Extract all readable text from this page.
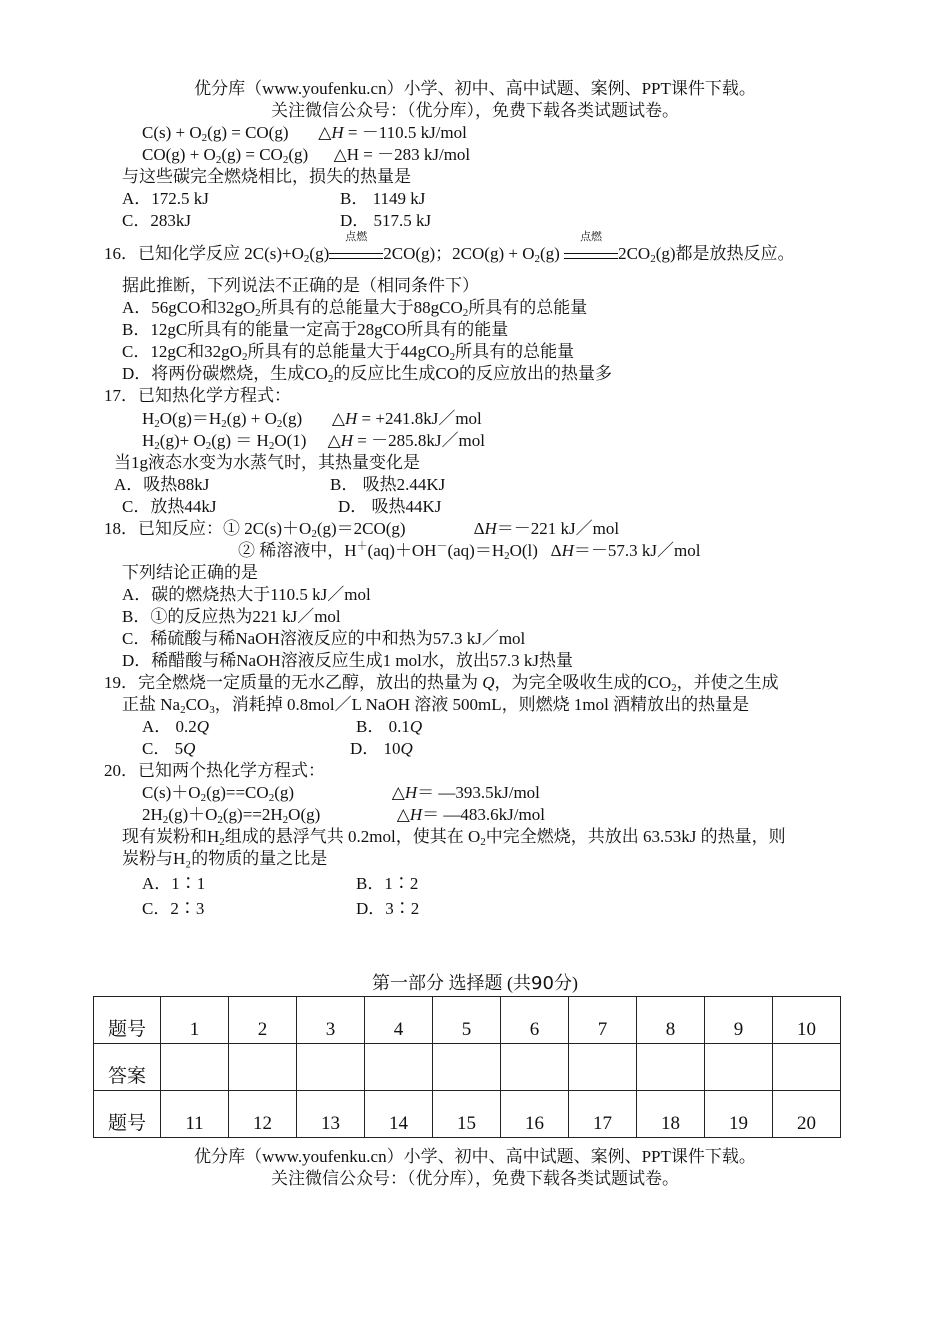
优分库（www.youfenku.cn）小学、初中、高中试题、案例、PPT课件下载。
关注微信公众号：（优分库），免费下载各类试题试卷。
$C(s) + O_2(g) = CO(g)$       △H = －110.5 kJ/mol
$CO(g) + O_2(g) = CO_2(g)$      △H = －283 kJ/mol
与这些碳完全燃烧相比，损失的热量是
A．172.5 kJ	B． 1149 kJ
C．283kJ	D． 517.5 kJ
16．已知化学反应 $2C(s)+O_2(g)$
点燃
2CO(g)；$2CO(g) + O_2(g)$
点燃
$2CO_2(g)$都是放热反应。
据此推断，下列说法不正确的是（相同条件下）
A．56gCO和$32gO_2$所具有的总能量大于88gCO$_2$所具有的总能量
B．12gC所具有的能量一定高于28gCO所具有的能量
C．12gC和$32gO_2$所具有的总能量大于44gCO$_2$所具有的总能量
D．将两份碳燃烧，生成$CO_2$的反应比生成CO的反应放出的热量多
17．已知热化学方程式：
$H_2O(g)=H_2(g) + O_2(g)$       △H = +241.8kJ／mol
$H_2(g)+ O_2(g) = H_2O(1)$     △H = －285.8kJ／mol
当1g液态水变为水蒸气时，其热量变化是
A．吸热88kJ	B． 吸热2.44KJ
C．放热44kJ	D． 吸热44KJ
18．已知反应：① $2C(s)+O_2(g)=2CO(g)$                ΔH＝－221 kJ／mol
② 稀溶液中，$H^+(aq)+OH^-(aq)=H_2O(l)$   ΔH＝－57.3 kJ／mol
下列结论正确的是
A．碳的燃烧热大于110.5 kJ／mol
B．①的反应热为221 kJ／mol
C．稀硫酸与稀NaOH溶液反应的中和热为57.3 kJ／mol
D．稀醋酸与稀NaOH溶液反应生成1 mol水，放出57.3 kJ热量
19．完全燃烧一定质量的无水乙醇，放出的热量为 Q，为完全吸收生成的$CO_2$，并使之生成
正盐 $Na_2CO_3$，消耗掉 0.8mol／L NaOH 溶液 500mL，则燃烧 1mol 酒精放出的热量是
A． 0.2Q	B． 0.1Q
C． 5Q	D． 10Q
20．已知两个热化学方程式：
$C(s)+O_2(g)==CO_2(g)$                       △H＝ —393.5kJ/mol
$2H_2(g)+O_2(g)==2H_2O(g)$                  △H＝ —483.6kJ/mol
现有炭粉和$H_2$组成的悬浮气共 0.2mol，使其在 $O_2$中完全燃烧，共放出 63.53kJ 的热量，则
炭粉与H₂的物质的量之比是
A．1∶1	B．1∶2
C．2∶3	D．3∶2
第一部分 选择题 (共90分)
题号	1	2	3	4	5	6	7	8	9	10
答案										
题号	11	12	13	14	15	16	17	18	19	20
优分库（www.youfenku.cn）小学、初中、高中试题、案例、PPT课件下载。
关注微信公众号：（优分库），免费下载各类试题试卷。
